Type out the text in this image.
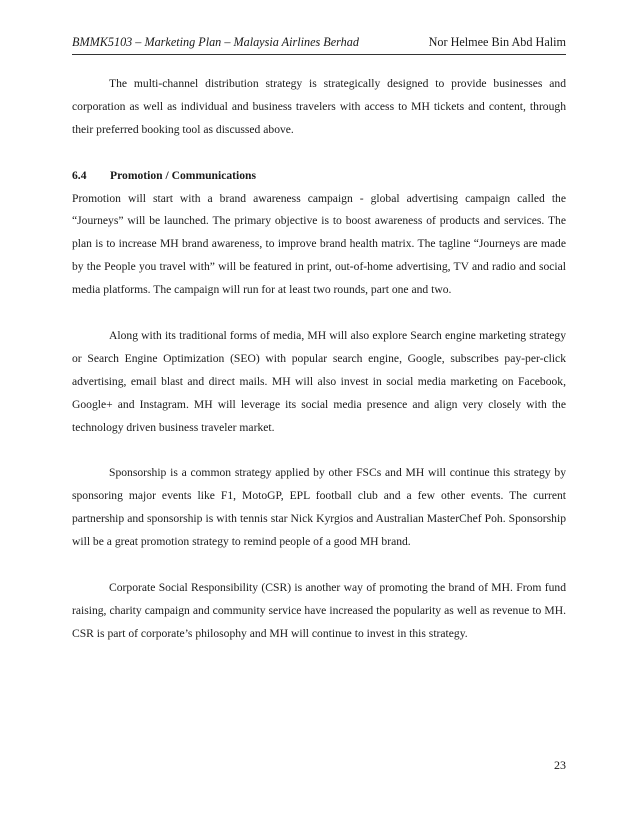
BMMK5103 – Marketing Plan – Malaysia Airlines Berhad	Nor Helmee Bin Abd Halim

The multi-channel distribution strategy is strategically designed to provide businesses and corporation as well as individual and business travelers with access to MH tickets and content, through their preferred booking tool as discussed above.

6.4 Promotion / Communications

Promotion will start with a brand awareness campaign - global advertising campaign called the “Journeys” will be launched. The primary objective is to boost awareness of products and services. The plan is to increase MH brand awareness, to improve brand health matrix. The tagline “Journeys are made by the People you travel with” will be featured in print, out-of-home advertising, TV and radio and social media platforms. The campaign will run for at least two rounds, part one and two.

Along with its traditional forms of media, MH will also explore Search engine marketing strategy or Search Engine Optimization (SEO) with popular search engine, Google, subscribes pay-per-click advertising, email blast and direct mails. MH will also invest in social media marketing on Facebook, Google+ and Instagram. MH will leverage its social media presence and align very closely with the technology driven business traveler market.

Sponsorship is a common strategy applied by other FSCs and MH will continue this strategy by sponsoring major events like F1, MotoGP, EPL football club and a few other events. The current partnership and sponsorship is with tennis star Nick Kyrgios and Australian MasterChef Poh. Sponsorship will be a great promotion strategy to remind people of a good MH brand.

Corporate Social Responsibility (CSR) is another way of promoting the brand of MH. From fund raising, charity campaign and community service have increased the popularity as well as revenue to MH. CSR is part of corporate’s philosophy and MH will continue to invest in this strategy.

23
